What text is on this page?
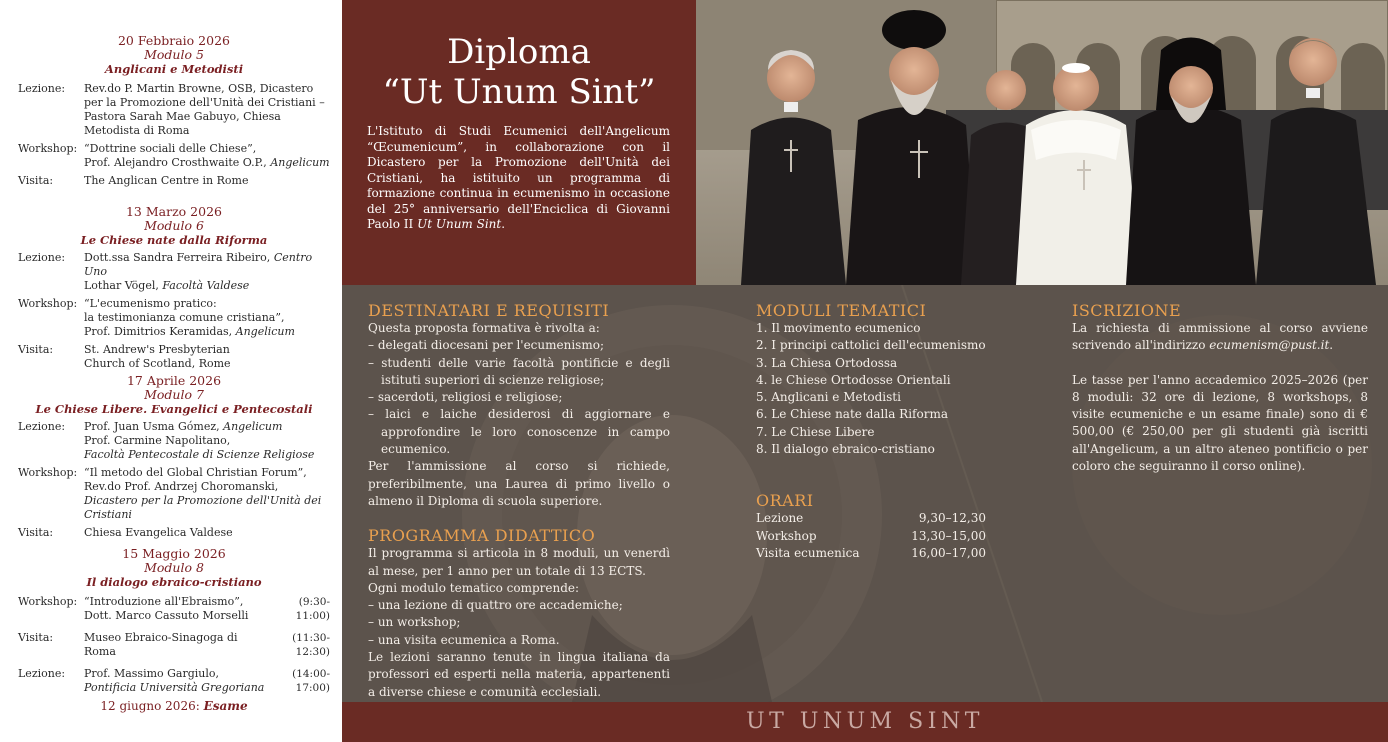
20 Febbraio 2026
Modulo 5
Anglicani e Metodisti
Lezione:	Rev.do P. Martin Browne, OSB, Dicastero per la Promozione dell'Unità dei Cristiani – Pastora Sarah Mae Gabuyo, Chiesa Metodista di Roma
Workshop: “Dottrine sociali delle Chiese”,
Prof. Alejandro Crosthwaite O.P., Angelicum
Visita:	The Anglican Centre in Rome
13 Marzo 2026
Modulo 6
Le Chiese nate dalla Riforma
Lezione:	Dott.ssa Sandra Ferreira Ribeiro, Centro Uno
Lothar Vögel, Facoltà Valdese
Workshop: “L'ecumenismo pratico:
la testimonianza comune cristiana”,
Prof. Dimitrios Keramidas, Angelicum
Visita:	St. Andrew's Presbyterian
Church of Scotland, Rome
17 Aprile 2026
Modulo 7
Le Chiese Libere. Evangelici e Pentecostali
Lezione:	Prof. Juan Usma Gómez, Angelicum
Prof. Carmine Napolitano,
Facoltà Pentecostale di Scienze Religiose
Workshop: “Il metodo del Global Christian Forum”,
Rev.do Prof. Andrzej Choromanski, Dicastero per la Promozione dell'Unità dei Cristiani
Visita:	Chiesa Evangelica Valdese
15 Maggio 2026
Modulo 8
Il dialogo ebraico-cristiano
Workshop: “Introduzione all'Ebraismo”,
Dott. Marco Cassuto Morselli
(9:30-11:00)
Visita:	Museo Ebraico-Sinagoga di Roma
(11:30-12:30)
Lezione:	Prof. Massimo Gargiulo,
Pontificia Università Gregoriana
(14:00-17:00)
12 giugno 2026: Esame
Diploma
“Ut Unum Sint”

L'Istituto di Studi Ecumenici dell'Angelicum “Œcumenicum”, in collaborazione con il Dicastero per la Promozione dell'Unità dei Cristiani, ha istituito un programma di formazione continua in ecumenismo in occasione del 25° anniversario dell'Enciclica di Giovanni Paolo II Ut Unum Sint.

DESTINATARI E REQUISITI
Questa proposta formativa è rivolta a:
– delegati diocesani per l'ecumenismo;
– studenti delle varie facoltà pontificie e degli istituti superiori di scienze religiose;
– sacerdoti, religiosi e religiose;
– laici e laiche desiderosi di aggiornare e approfondire le loro conoscenze in campo ecumenico.
Per l'ammissione al corso si richiede, preferibilmente, una Laurea di primo livello o almeno il Diploma di scuola superiore.
PROGRAMMA DIDATTICO
Il programma si articola in 8 moduli, un venerdì al mese, per 1 anno per un totale di 13 ECTS.
Ogni modulo tematico comprende:
– una lezione di quattro ore accademiche;
– un workshop;
– una visita ecumenica a Roma.
Le lezioni saranno tenute in lingua italiana da professori ed esperti nella materia, appartenenti a diverse chiese e comunità ecclesiali.
MODULI TEMATICI
1. Il movimento ecumenico
2. I principi cattolici dell'ecumenismo
3. La Chiesa Ortodossa
4. le Chiese Ortodosse Orientali
5. Anglicani e Metodisti
6. Le Chiese nate dalla Riforma
7. Le Chiese Libere
8. Il dialogo ebraico-cristiano
ORARI
Lezione	9,30–12,30
Workshop	13,30–15,00
Visita ecumenica	16,00–17,00
ISCRIZIONE
La richiesta di ammissione al corso avviene scrivendo all'indirizzo ecumenism@pust.it.
Le tasse per l'anno accademico 2025–2026 (per 8 moduli: 32 ore di lezione, 8 workshops, 8 visite ecumeniche e un esame finale) sono di € 500,00 (€ 250,00 per gli studenti già iscritti all'Angelicum, a un altro ateneo pontificio o per coloro che seguiranno il corso online).
UT UNUM SINT
